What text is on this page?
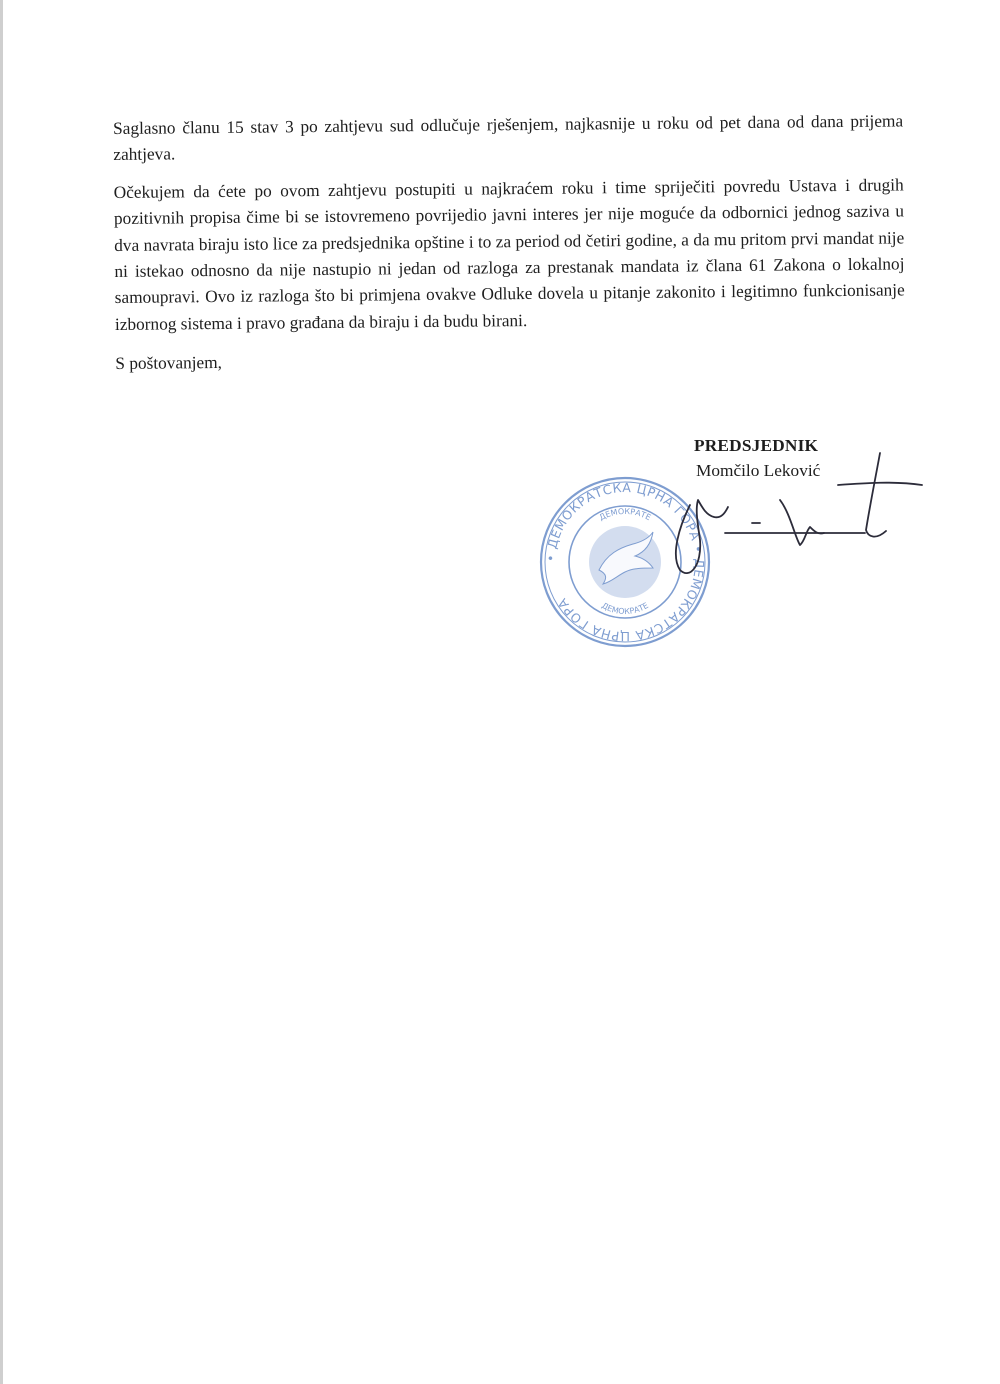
Saglasno članu 15 stav 3 po zahtjevu sud odlučuje rješenjem, najkasnije u roku od pet dana od dana prijema zahtjeva.

Očekujem da ćete po ovom zahtjevu postupiti u najkraćem roku i time spriječiti povredu Ustava i drugih pozitivnih propisa čime bi se istovremeno povrijedio javni interes jer nije moguće da odbornici jednog saziva u dva navrata biraju isto lice za predsjednika opštine i to za period od četiri godine, a da mu pritom prvi mandat nije ni istekao odnosno da nije nastupio ni jedan od razloga za prestanak mandata iz člana 61 Zakona o lokalnoj samoupravi. Ovo iz razloga što bi primjena ovakve Odluke dovela u pitanje zakonito i legitimno funkcionisanje izbornog sistema i pravo građana da biraju i da budu birani.

S poštovanjem,
PREDSJEDNIK
Momčilo Leković
• ДЕМОКРАТСКА ЦРНА ГОРА • ДЕМОКРАТСКА ЦРНА ГОРА
ДЕМОКРАТЕ
ДЕМОКРАТЕ
